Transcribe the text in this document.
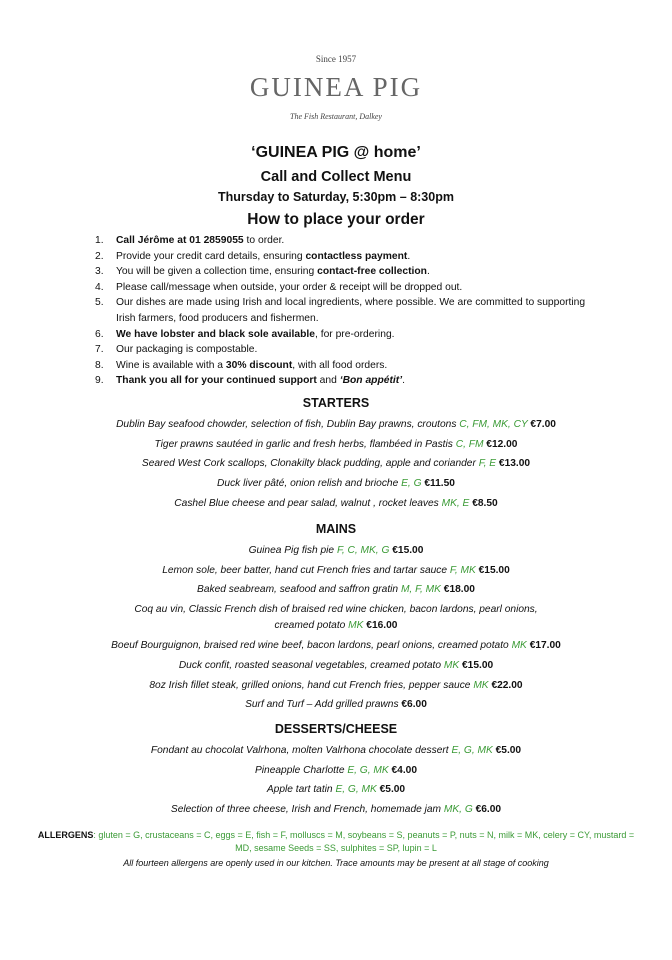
Since 1957
GUINEA PIG
The Fish Restaurant, Dalkey
‘GUINEA PIG @ home’
Call and Collect Menu
Thursday to Saturday, 5:30pm – 8:30pm
How to place your order
1. Call Jérôme at 01 2859055 to order.
2. Provide your credit card details, ensuring contactless payment.
3. You will be given a collection time, ensuring contact-free collection.
4. Please call/message when outside, your order & receipt will be dropped out.
5. Our dishes are made using Irish and local ingredients, where possible. We are committed to supporting Irish farmers, food producers and fishermen.
6. We have lobster and black sole available, for pre-ordering.
7. Our packaging is compostable.
8. Wine is available with a 30% discount, with all food orders.
9. Thank you all for your continued support and ‘Bon appétit’.
STARTERS
Dublin Bay seafood chowder, selection of fish, Dublin Bay prawns, croutons C, FM, MK, CY €7.00
Tiger prawns sautéed in garlic and fresh herbs, flambéed in Pastis C, FM €12.00
Seared West Cork scallops, Clonakilty black pudding, apple and coriander F, E €13.00
Duck liver pâté, onion relish and brioche E, G €11.50
Cashel Blue cheese and pear salad, walnut , rocket leaves MK, E €8.50
MAINS
Guinea Pig fish pie F, C, MK, G €15.00
Lemon sole, beer batter, hand cut French fries and tartar sauce F, MK €15.00
Baked seabream, seafood and saffron gratin M, F, MK €18.00
Coq au vin, Classic French dish of braised red wine chicken, bacon lardons, pearl onions,
creamed potato MK €16.00
Boeuf Bourguignon, braised red wine beef, bacon lardons, pearl onions, creamed potato MK €17.00
Duck confit, roasted seasonal vegetables, creamed potato MK €15.00
8oz Irish fillet steak, grilled onions, hand cut French fries, pepper sauce MK €22.00
Surf and Turf – Add grilled prawns €6.00
DESSERTS/CHEESE
Fondant au chocolat Valrhona, molten Valrhona chocolate dessert E, G, MK €5.00
Pineapple Charlotte E, G, MK €4.00
Apple tart tatin E, G, MK €5.00
Selection of three cheese, Irish and French, homemade jam MK, G €6.00
ALLERGENS: gluten = G, crustaceans = C, eggs = E, fish = F, molluscs = M, soybeans = S, peanuts = P, nuts = N, milk = MK, celery = CY, mustard = MD, sesame Seeds = SS, sulphites = SP, lupin = L
All fourteen allergens are openly used in our kitchen. Trace amounts may be present at all stage of cooking
